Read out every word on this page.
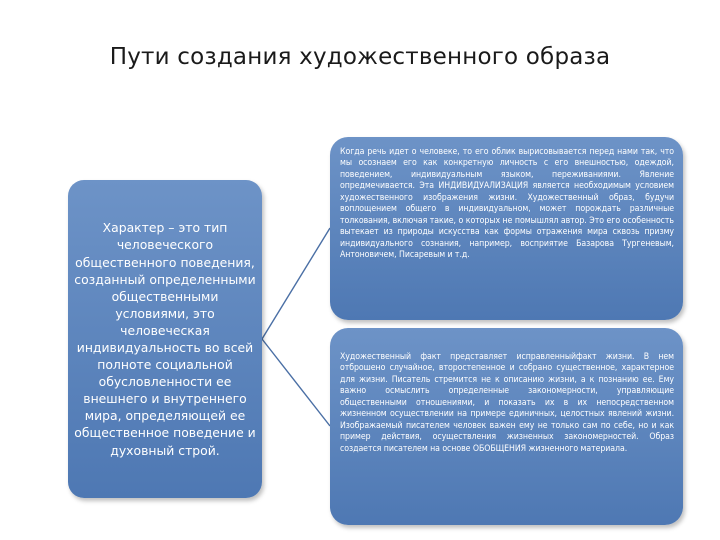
Пути создания художественного образа
Характер – это тип человеческого общественного поведения, созданный определенными общественными условиями, это человеческая индивидуальность во всей полноте социальной обусловленности ее внешнего и внутреннего мира, определяющей ее общественное поведение и духовный строй.
Когда речь идет о человеке, то его облик вырисовывается перед нами так, что мы осознаем его как конкретную личность с его внешностью, одеждой, поведением, индивидуальным языком, переживаниями. Явление опредмечивается. Эта ИНДИВИДУАЛИЗАЦИЯ является необходимым условием художественного изображения жизни. Художественный образ, будучи воплощением общего в индивидуальном, может порождать различные толкования, включая такие, о которых не помышлял автор. Это его особенность вытекает из природы искусства как формы отражения мира сквозь призму индивидуального сознания, например, восприятие Базарова Тургеневым, Антоновичем, Писаревым и т.д.
Художественный факт представляет исправленныйфакт жизни. В нем отброшено случайное, второстепенное и собрано существенное, характерное для жизни. Писатель стремится не к описанию жизни, а к познанию ее. Ему важно осмыслить определенные закономерности, управляющие общественными отношениями, и показать их в их непосредственном жизненном осуществлении на примере единичных, целостных явлений жизни. Изображаемый писателем человек важен ему не только сам по себе, но и как пример действия, осуществления жизненных закономерностей. Образ создается писателем на основе ОБОБЩЕНИЯ жизненного материала.
